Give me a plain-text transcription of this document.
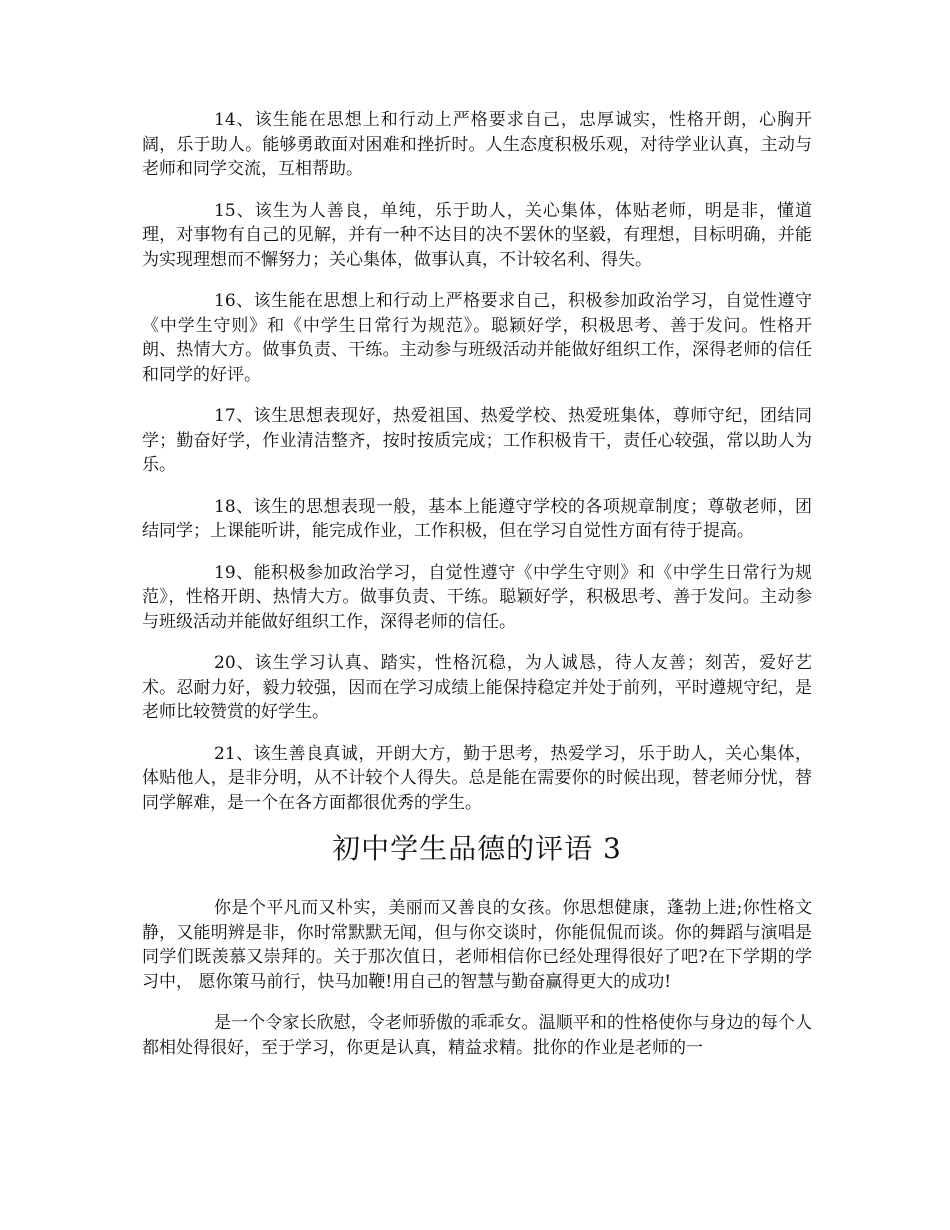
14、该生能在思想上和行动上严格要求自己，忠厚诚实，性格开朗，心胸开阔，乐于助人。能够勇敢面对困难和挫折时。人生态度积极乐观，对待学业认真，主动与老师和同学交流，互相帮助。

15、该生为人善良，单纯，乐于助人，关心集体，体贴老师，明是非，懂道理，对事物有自己的见解，并有一种不达目的决不罢休的坚毅，有理想，目标明确，并能为实现理想而不懈努力；关心集体，做事认真，不计较名利、得失。

16、该生能在思想上和行动上严格要求自己，积极参加政治学习，自觉性遵守《中学生守则》和《中学生日常行为规范》。聪颖好学，积极思考、善于发问。性格开朗、热情大方。做事负责、干练。主动参与班级活动并能做好组织工作，深得老师的信任和同学的好评。

17、该生思想表现好，热爱祖国、热爱学校、热爱班集体，尊师守纪，团结同学；勤奋好学，作业清洁整齐，按时按质完成；工作积极肯干，责任心较强，常以助人为乐。

18、该生的思想表现一般，基本上能遵守学校的各项规章制度；尊敬老师，团结同学；上课能听讲，能完成作业，工作积极，但在学习自觉性方面有待于提高。

19、能积极参加政治学习，自觉性遵守《中学生守则》和《中学生日常行为规范》，性格开朗、热情大方。做事负责、干练。聪颖好学，积极思考、善于发问。主动参与班级活动并能做好组织工作，深得老师的信任。

20、该生学习认真、踏实，性格沉稳，为人诚恳，待人友善；刻苦，爱好艺术。忍耐力好，毅力较强，因而在学习成绩上能保持稳定并处于前列，平时遵规守纪，是老师比较赞赏的好学生。

21、该生善良真诚，开朗大方，勤于思考，热爱学习，乐于助人，关心集体，体贴他人，是非分明，从不计较个人得失。总是能在需要你的时候出现，替老师分忧，替同学解难，是一个在各方面都很优秀的学生。

初中学生品德的评语 3

你是个平凡而又朴实，美丽而又善良的女孩。你思想健康，蓬勃上进;你性格文静，又能明辨是非，你时常默默无闻，但与你交谈时，你能侃侃而谈。你的舞蹈与演唱是同学们既羡慕又崇拜的。关于那次值日，老师相信你已经处理得很好了吧?在下学期的学习中， 愿你策马前行，快马加鞭!用自己的智慧与勤奋赢得更大的成功!

是一个令家长欣慰，令老师骄傲的乖乖女。温顺平和的性格使你与身边的每个人都相处得很好，至于学习，你更是认真，精益求精。批你的作业是老师的一
